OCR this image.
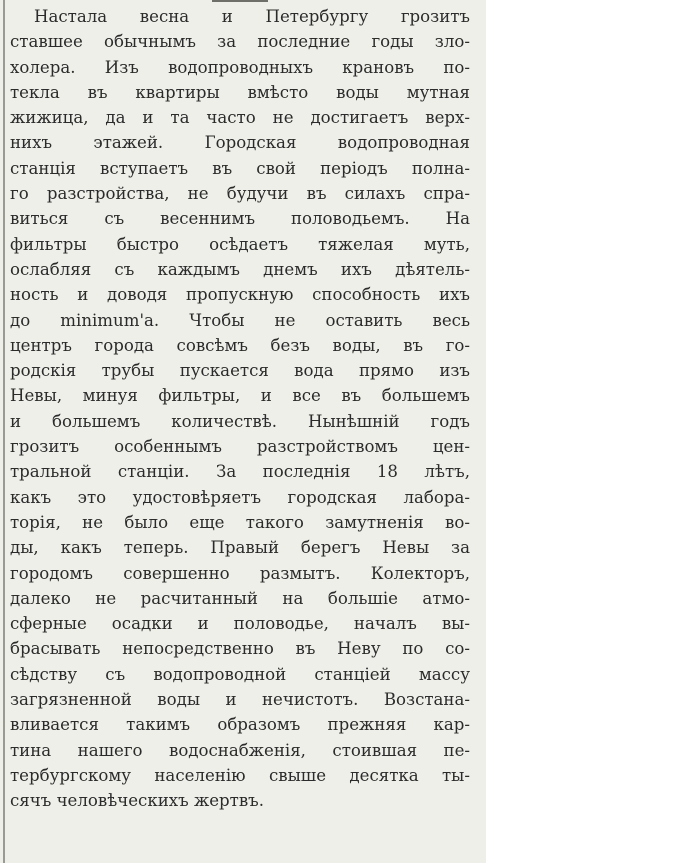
Настала весна и Петербургу грозитъ
ставшее обычнымъ за последние годы зло-
холера. Изъ водопроводныхъ крановъ по-
текла въ квартиры вмѣсто воды мутная
жижица, да и та часто не достигаетъ верх-
нихъ этажей. Городская водопроводная
станція вступаетъ въ свой періодъ полна-
го разстройства, не будучи въ силахъ спра-
виться съ весеннимъ половодьемъ. На
фильтры быстро осѣдаетъ тяжелая муть,
ослабляя съ каждымъ днемъ ихъ дѣятель-
ность и доводя пропускную способность ихъ
до minimum'a. Чтобы не оставить весь
центръ города совсѣмъ безъ воды, въ го-
родскія трубы пускается вода прямо изъ
Невы, минуя фильтры, и все въ большемъ
и большемъ количествѣ. Нынѣшній годъ
грозитъ особеннымъ разстройствомъ цен-
тральной станціи. За последнія 18 лѣтъ,
какъ это удостовѣряетъ городская лабора-
торія, не было еще такого замутненія во-
ды, какъ теперь. Правый берегъ Невы за
городомъ совершенно размытъ. Колекторъ,
далеко не расчитанный на большіе атмо-
сферные осадки и половодье, началъ вы-
брасывать непосредственно въ Неву по со-
сѣдству съ водопроводной станціей массу
загрязненной воды и нечистотъ. Возстана-
вливается такимъ образомъ прежняя кар-
тина нашего водоснабженія, стоившая пе-
тербургскому населенію свыше десятка ты-
сячъ человѣческихъ жертвъ.
